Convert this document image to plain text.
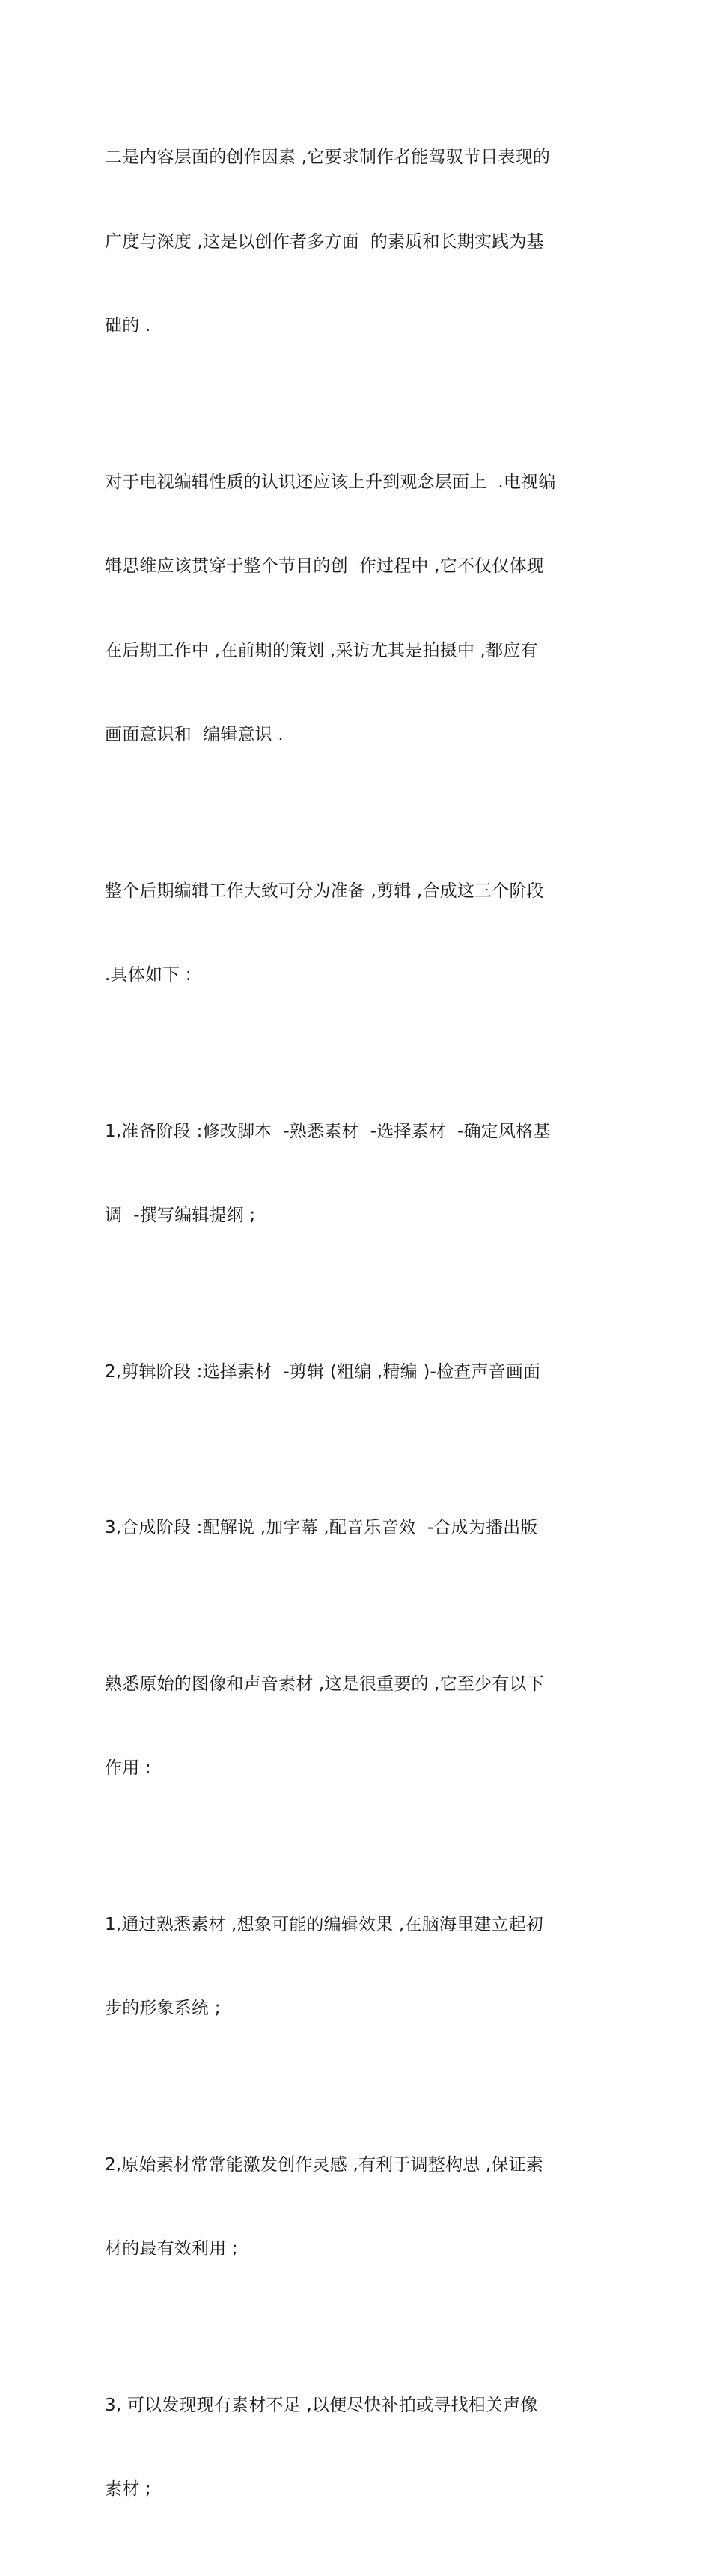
二是内容层面的创作因素 ,它要求制作者能驾驭节目表现的

广度与深度 ,这是以创作者多方面  的素质和长期实践为基

础的 .

对于电视编辑性质的认识还应该上升到观念层面上  .电视编

辑思维应该贯穿于整个节目的创  作过程中 ,它不仅仅体现

在后期工作中 ,在前期的策划 ,采访尤其是拍摄中 ,都应有

画面意识和  编辑意识 .

整个后期编辑工作大致可分为准备 ,剪辑 ,合成这三个阶段

.具体如下 :

1,准备阶段 :修改脚本  -熟悉素材  -选择素材  -确定风格基

调  -撰写编辑提纲 ;

2,剪辑阶段 :选择素材  -剪辑 (粗编 ,精编 )-检查声音画面

3,合成阶段 :配解说 ,加字幕 ,配音乐音效  -合成为播出版

熟悉原始的图像和声音素材 ,这是很重要的 ,它至少有以下

作用 :

1,通过熟悉素材 ,想象可能的编辑效果 ,在脑海里建立起初

步的形象系统 ;

2,原始素材常常能激发创作灵感 ,有利于调整构思 ,保证素

材的最有效利用 ;

3, 可以发现现有素材不足 ,以便尽快补拍或寻找相关声像

素材 ;
